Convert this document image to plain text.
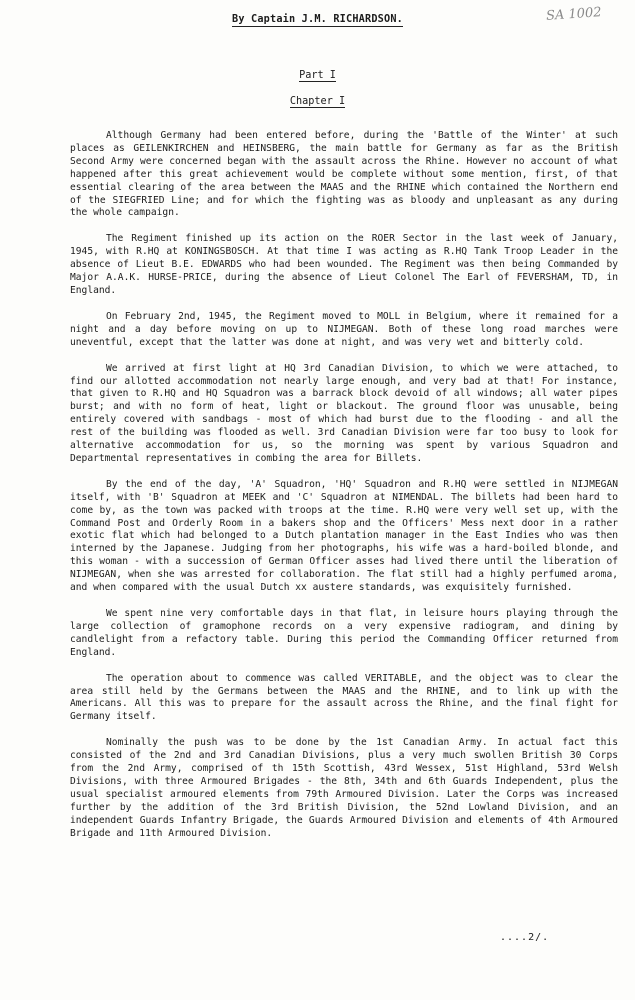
By Captain J.M. RICHARDSON.	SA 1002
Part I
Chapter I

Although Germany had been entered before, during the 'Battle of the Winter' at such places as GEILENKIRCHEN and HEINSBERG, the main battle for Germany as far as the British Second Army were concerned began with the assault across the Rhine. However no account of what happened after this great achievement would be complete without some mention, first, of that essential clearing of the area between the MAAS and the RHINE which contained the Northern end of the SIEGFRIED Line; and for which the fighting was as bloody and unpleasant as any during the whole campaign.

The Regiment finished up its action on the ROER Sector in the last week of January, 1945, with R.HQ at KONINGSBOSCH. At that time I was acting as R.HQ Tank Troop Leader in the absence of Lieut B.E. EDWARDS who had been wounded. The Regiment was then being Commanded by Major A.A.K. HURSE-PRICE, during the absence of Lieut Colonel The Earl of FEVERSHAM, TD, in England.

On February 2nd, 1945, the Regiment moved to MOLL in Belgium, where it remained for a night and a day before moving on up to NIJMEGAN. Both of these long road marches were uneventful, except that the latter was done at night, and was very wet and bitterly cold.

We arrived at first light at HQ 3rd Canadian Division, to which we were attached, to find our allotted accommodation not nearly large enough, and very bad at that! For instance, that given to R.HQ and HQ Squadron was a barrack block devoid of all windows; all water pipes burst; and with no form of heat, light or blackout. The ground floor was unusable, being entirely covered with sandbags - most of which had burst due to the flooding - and all the rest of the building was flooded as well. 3rd Canadian Division were far too busy to look for alternative accommodation for us, so the morning was spent by various Squadron and Departmental representatives in combing the area for Billets.

By the end of the day, 'A' Squadron, 'HQ' Squadron and R.HQ were settled in NIJMEGAN itself, with 'B' Squadron at MEEK and 'C' Squadron at NIMENDAL. The billets had been hard to come by, as the town was packed with troops at the time. R.HQ were very well set up, with the Command Post and Orderly Room in a bakers shop and the Officers' Mess next door in a rather exotic flat which had belonged to a Dutch plantation manager in the East Indies who was then interned by the Japanese. Judging from her photographs, his wife was a hard-boiled blonde, and this woman - with a succession of German Officer asses had lived there until the liberation of NIJMEGAN, when she was arrested for collaboration. The flat still had a highly perfumed aroma, and when compared with the usual Dutch xx austere standards, was exquisitely furnished.

We spent nine very comfortable days in that flat, in leisure hours playing through the large collection of gramophone records on a very expensive radiogram, and dining by candlelight from a refactory table. During this period the Commanding Officer returned from England.

The operation about to commence was called VERITABLE, and the object was to clear the area still held by the Germans between the MAAS and the RHINE, and to link up with the Americans. All this was to prepare for the assault across the Rhine, and the final fight for Germany itself.

Nominally the push was to be done by the 1st Canadian Army. In actual fact this consisted of the 2nd and 3rd Canadian Divisions, plus a very much swollen British 30 Corps from the 2nd Army, comprised of th 15th Scottish, 43rd Wessex, 51st Highland, 53rd Welsh Divisions, with three Armoured Brigades - the 8th, 34th and 6th Guards Independent, plus the usual specialist armoured elements from 79th Armoured Division. Later the Corps was increased further by the addition of the 3rd British Division, the 52nd Lowland Division, and an independent Guards Infantry Brigade, the Guards Armoured Division and elements of 4th Armoured Brigade and 11th Armoured Division.

....2/.
